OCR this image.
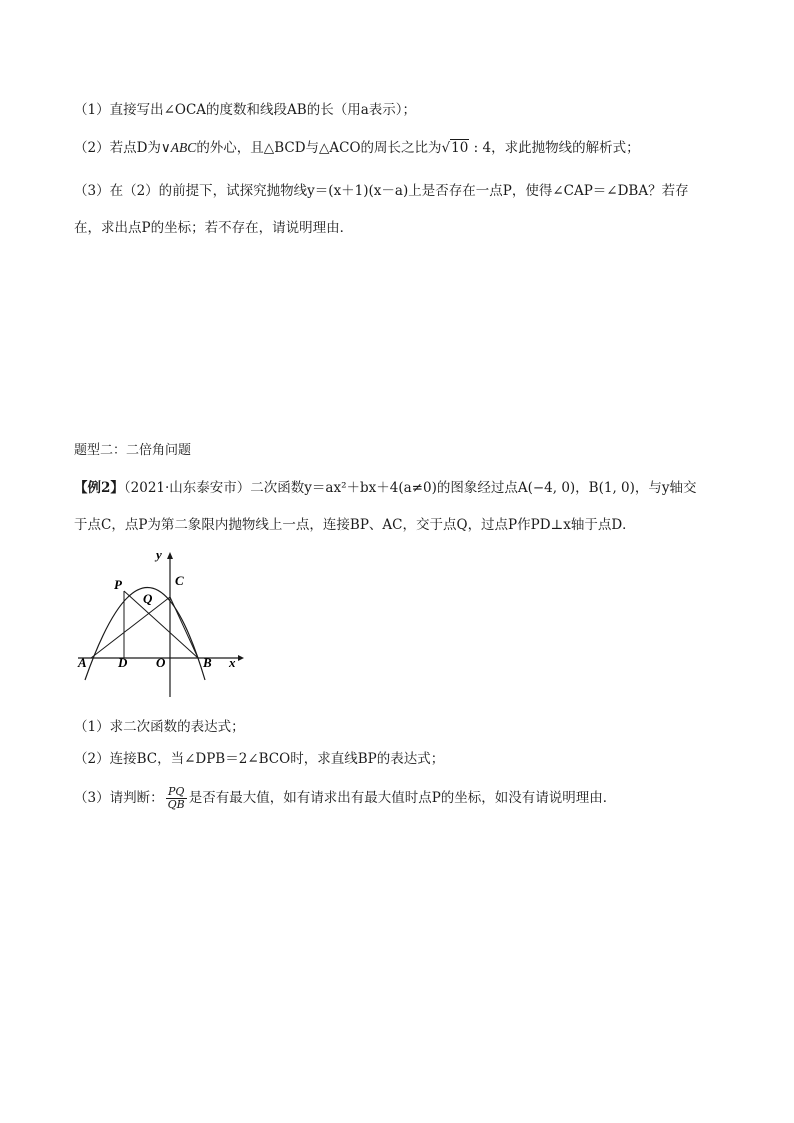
（1）直接写出∠OCA的度数和线段AB的长（用a表示）；
（2）若点D为∨ABC的外心，且△BCD与△ACO的周长之比为√10 : 4，求此抛物线的解析式；
（3）在（2）的前提下，试探究抛物线y＝(x＋1)(x－a)上是否存在一点P，使得∠CAP＝∠DBA？若存
在，求出点P的坐标；若不存在，请说明理由．
题型二：二倍角问题
【例2】（2021·山东泰安市）二次函数y＝ax²＋bx＋4(a≠0)的图象经过点A(−4, 0)，B(1, 0)，与y轴交
于点C，点P为第二象限内抛物线上一点，连接BP、AC，交于点Q，过点P作PD⊥x轴于点D．
y
x
P	C
Q
A D O	B
（1）求二次函数的表达式；
（2）连接BC，当∠DPB＝2∠BCO时，求直线BP的表达式；
（3）请判断： $\frac{PQ}{QB}$ 是否有最大值，如有请求出有最大值时点P的坐标，如没有请说明理由．
